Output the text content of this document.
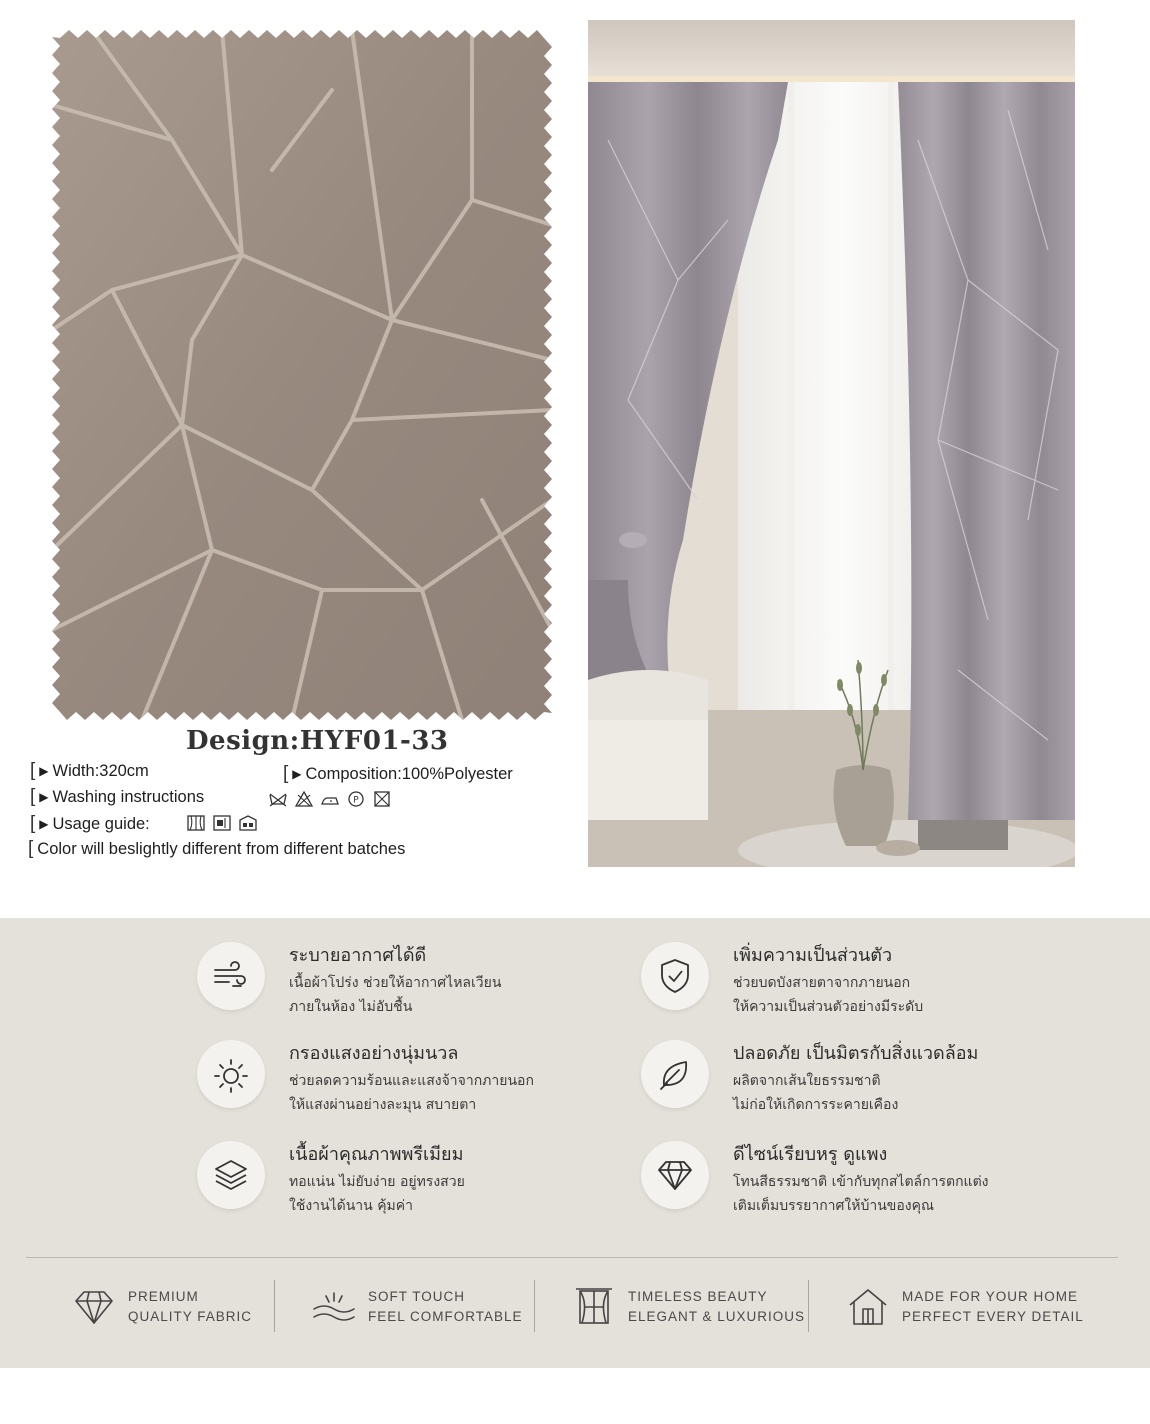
Design:HYF01-33
[ ▶ Width:320cm	[ ▶ Composition:100%Polyester
[ ▶ Washing instructions	P
[ ▶ Usage guide:
[ Color will beslightly different from different batches
ระบายอากาศได้ดี
เนื้อผ้าโปร่ง ช่วยให้อากาศไหลเวียน
ภายในห้อง ไม่อับชื้น
เพิ่มความเป็นส่วนตัว
ช่วยบดบังสายตาจากภายนอก
ให้ความเป็นส่วนตัวอย่างมีระดับ
กรองแสงอย่างนุ่มนวล
ช่วยลดความร้อนและแสงจ้าจากภายนอก
ให้แสงผ่านอย่างละมุน สบายตา
ปลอดภัย เป็นมิตรกับสิ่งแวดล้อม
ผลิตจากเส้นใยธรรมชาติ
ไม่ก่อให้เกิดการระคายเคือง
เนื้อผ้าคุณภาพพรีเมียม
ทอแน่น ไม่ยับง่าย อยู่ทรงสวย
ใช้งานได้นาน คุ้มค่า
ดีไซน์เรียบหรู ดูแพง
โทนสีธรรมชาติ เข้ากับทุกสไตล์การตกแต่ง
เติมเต็มบรรยากาศให้บ้านของคุณ
PREMIUM
QUALITY FABRIC
SOFT TOUCH
FEEL COMFORTABLE
TIMELESS BEAUTY
ELEGANT & LUXURIOUS
MADE FOR YOUR HOME
PERFECT EVERY DETAIL
